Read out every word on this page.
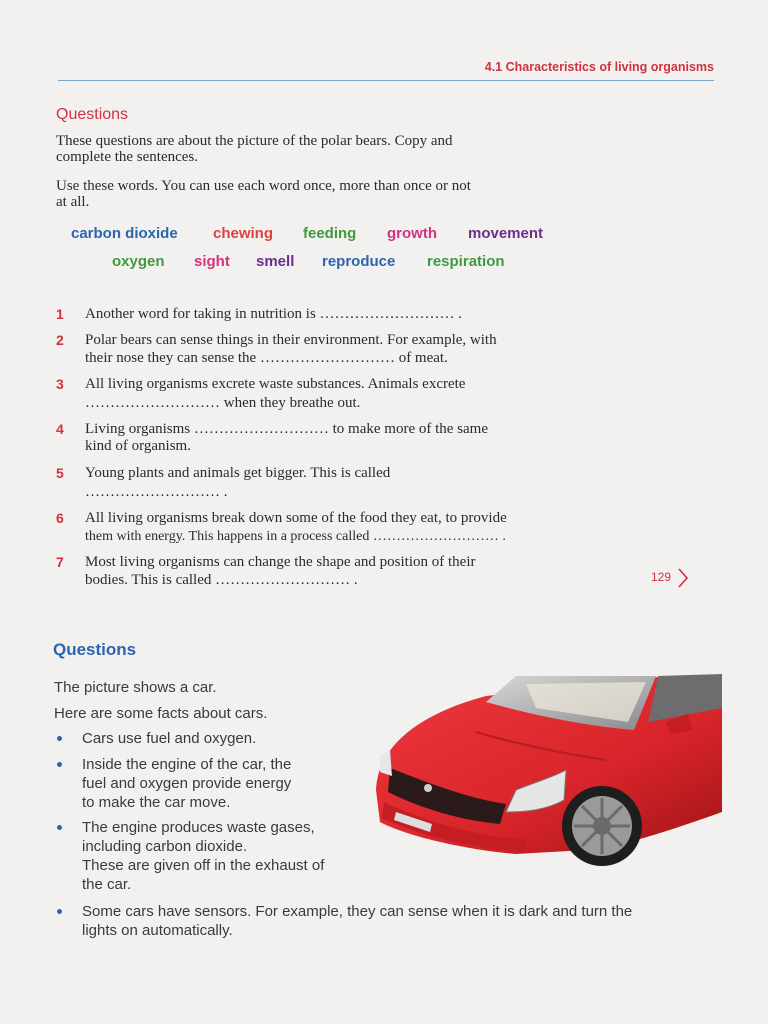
4.1 Characteristics of living organisms
Questions
These questions are about the picture of the polar bears. Copy and
complete the sentences.
Use these words. You can use each word once, more than once or not
at all.
carbon dioxide chewing feeding growth movement
oxygen sight smell reproduce respiration
1 Another word for taking in nutrition is ……………………… .
2 Polar bears can sense things in their environment. For example, with
their nose they can sense the ……………………… of meat.
3 All living organisms excrete waste substances. Animals excrete
……………………… when they breathe out.
4 Living organisms ……………………… to make more of the same
kind of organism.
5 Young plants and animals get bigger. This is called
……………………… .
6 All living organisms break down some of the food they eat, to provide
them with energy. This happens in a process called ……………………… .
7 Most living organisms can change the shape and position of their
bodies. This is called ……………………… .	129
Questions
The picture shows a car.
Here are some facts about cars.
Cars use fuel and oxygen.
Inside the engine of the car, the
fuel and oxygen provide energy
to make the car move.
The engine produces waste gases,
including carbon dioxide.
These are given off in the exhaust of
the car.
Some cars have sensors. For example, they can sense when it is dark and turn the
lights on automatically.
